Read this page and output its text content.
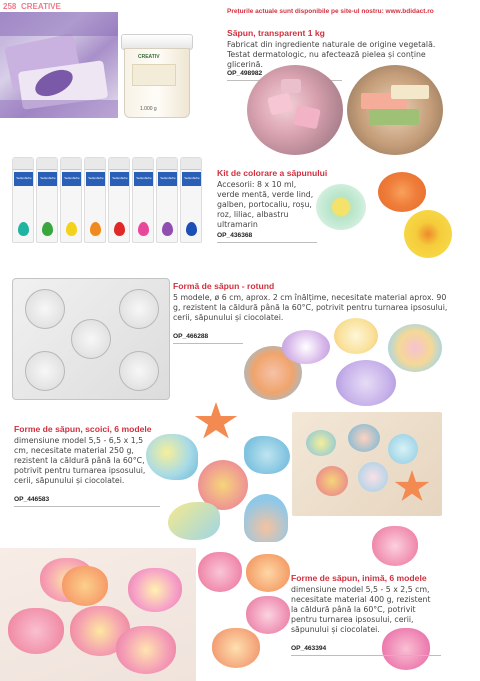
258 CREATIVE
Prețurile actuale sunt disponibile pe site-ul nostru: www.bdidact.ro
CREATIV
1.000 g
Săpun, transparent 1 kg
Fabricat din ingrediente naturale de origine vegetală. Testat dermatologic, nu afectează pielea și conține glicerină.
OP_498982
Seifenfarbe	Seifenfarbe	Seifenfarbe	Seifenfarbe	Seifenfarbe	Seifenfarbe	Seifenfarbe	Seifenfarbe Kit de colorare a săpunului
Accesorii: 8 x 10 ml, verde mentă, verde lind, galben, portocaliu, roșu, roz, liliac, albastru ultramarin
OP_436368
Formă de săpun - rotund
5 modele, ø 6 cm, aprox. 2 cm înălțime, necesitate material aprox. 90 g, rezistent la căldură până la 60°C, potrivit pentru turnarea ipsosului, cerii, săpunului și ciocolatei.
OP_466288
Forme de săpun, scoici, 6 modele
dimensiune model 5,5 - 6,5 x 1,5 cm, necesitate material 250 g, rezistent la căldură până la 60°C, potrivit pentru turnarea ipsosului, cerii, săpunului și ciocolatei.
OP_446583
Forme de săpun, inimă, 6 modele
dimensiune model 5,5 - 5 x 2,5 cm, necesitate material 400 g, rezistent la căldură până la 60°C, potrivit pentru turnarea ipsosului, cerii, săpunului și ciocolatei.
OP_463394
